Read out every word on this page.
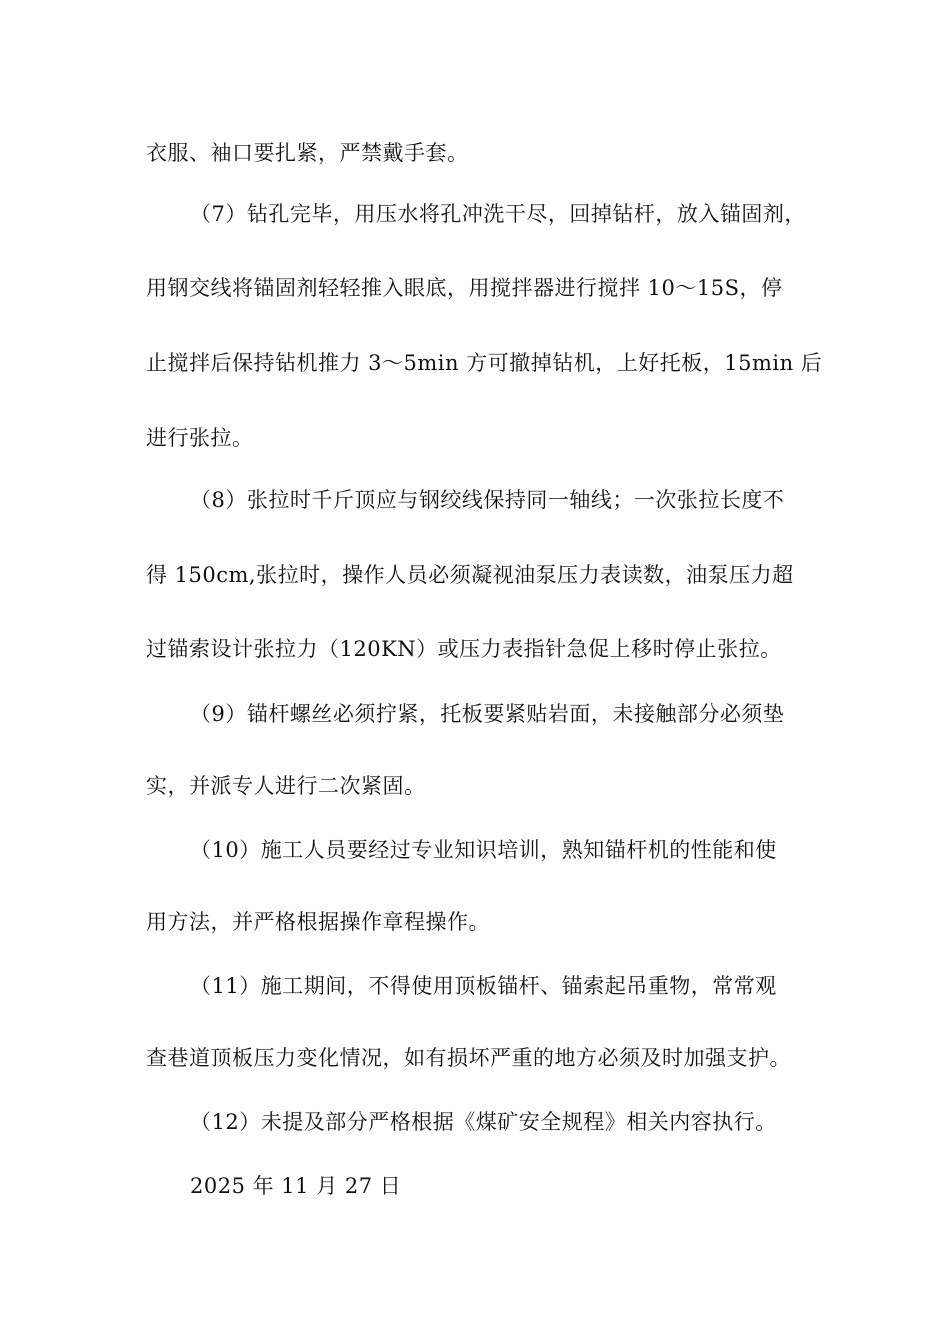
衣服、袖口要扎紧，严禁戴手套。
（7）钻孔完毕，用压水将孔冲洗干尽，回掉钻杆，放入锚固剂，
用钢交线将锚固剂轻轻推入眼底，用搅拌器进行搅拌 10～15S，停
止搅拌后保持钻机推力 3～5min 方可撤掉钻机，上好托板，15min 后
进行张拉。
（8）张拉时千斤顶应与钢绞线保持同一轴线；一次张拉长度不
得 150cm,张拉时，操作人员必须凝视油泵压力表读数，油泵压力超
过锚索设计张拉力（120KN）或压力表指针急促上移时停止张拉。
（9）锚杆螺丝必须拧紧，托板要紧贴岩面，未接触部分必须垫
实，并派专人进行二次紧固。
（10）施工人员要经过专业知识培训，熟知锚杆机的性能和使
用方法，并严格根据操作章程操作。
（11）施工期间，不得使用顶板锚杆、锚索起吊重物，常常观
查巷道顶板压力变化情况，如有损坏严重的地方必须及时加强支护。
（12）未提及部分严格根据《煤矿安全规程》相关内容执行。
2025 年 11 月 27 日
